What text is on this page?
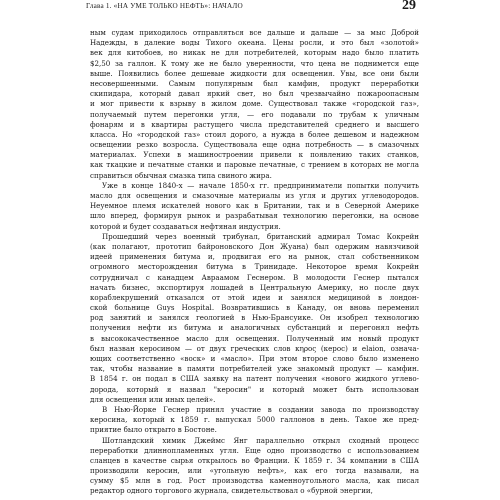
Глава 1. «НА УМЕ ТОЛЬКО НЕФТЬ»: НАЧАЛО	29
ным судам приходилось отправляться все дальше и дальше — за мыс Доброй
Надежды, в далекие воды Тихого океана. Цены росли, и это был «золотой»
век для китобоев, но никак не для потребителей, которым надо было платить
$2,50 за галлон. К тому же не было уверенности, что цена не поднимется еще
выше. Появились более дешевые жидкости для освещения. Увы, все они были
несовершенными. Самым популярным был камфин, продукт переработки
скипидара, который давал яркий свет, но был чрезвычайно пожароопасным
и мог привести к взрыву в жилом доме. Существовал также «городской газ»,
получаемый путем перегонки угля, — его подавали по трубам к уличным
фонарям и в квартиры растущего числа представителей среднего и высшего
класса. Но «городской газ» стоил дорого, а нужда в более дешевом и надежном
освещении резко возросла. Существовала еще одна потребность — в смазочных
материалах. Успехи в машиностроении привели к появлению таких станков,
как ткацкие и печатные станки и паровые печатные, с трением в которых не могла
справиться обычная смазка типа свиного жира.
Уже в конце 1840-х — начале 1850-х гг. предприниматели попытки получить
масло для освещения и смазочные материалы из угля и других углеводородов.
Неуемное племя искателей нового как в Британии, так и в Северной Америке
шло вперед, формируя рынок и разрабатывая технологию перегонки, на основе
которой и будет создаваться нефтяная индустрия.
Прошедший через военный трибунал, британский адмирал Томас Кокрейн
(как полагают, прототип байроновского Дон Жуана) был одержим навязчивой
идеей применения битума и, продвигая его на рынок, стал собственником
огромного месторождения битума в Тринидаде. Некоторое время Кокрейн
сотрудничал с канадцем Авраамом Геснером. В молодости Геснер пытался
начать бизнес, экспортируя лошадей в Центральную Америку, но после двух
кораблекрушений отказался от этой идеи и занялся медициной в лондон-
ской больнице Guys Hospital. Возвратившись в Канаду, он вновь переменил
род занятий и занялся геологией в Нью-Брансуике. Он изобрел технологию
получения нефти из битума и аналогичных субстанций и перегонял нефть
в высококачественное масло для освещения. Полученный им новый продукт
был назван керосином — от двух греческих слов κηρος (керос) и elaion, означа-
ющих соответственно «воск» и «масло». При этом второе слово было изменено
так, чтобы название в памяти потребителей уже знакомый продукт — камфин.
В 1854 г. он подал в США заявку на патент получения «нового жидкого углево-
дорода, который я назвал "керосин" и который может быть использован
для освещения или иных целей».
В Нью-Йорке Геснер принял участие в создании завода по производству
керосина, который к 1859 г. выпускал 5000 галлонов в день. Такое же пред-
приятие было открыто в Бостоне.
Шотландский химик Джеймс Янг параллельно открыл сходный процесс
переработки длиннопламенных угля. Еще одно производство с использованием
сланцев в качестве сырья открылось во Франции. К 1859 г. 34 компании в США
производили керосин, или «угольную нефть», как его тогда называли, на
сумму $5 млн в год. Рост производства каменноугольного масла, как писал
редактор одного торгового журнала, свидетельствовал о «бурной энергии,
